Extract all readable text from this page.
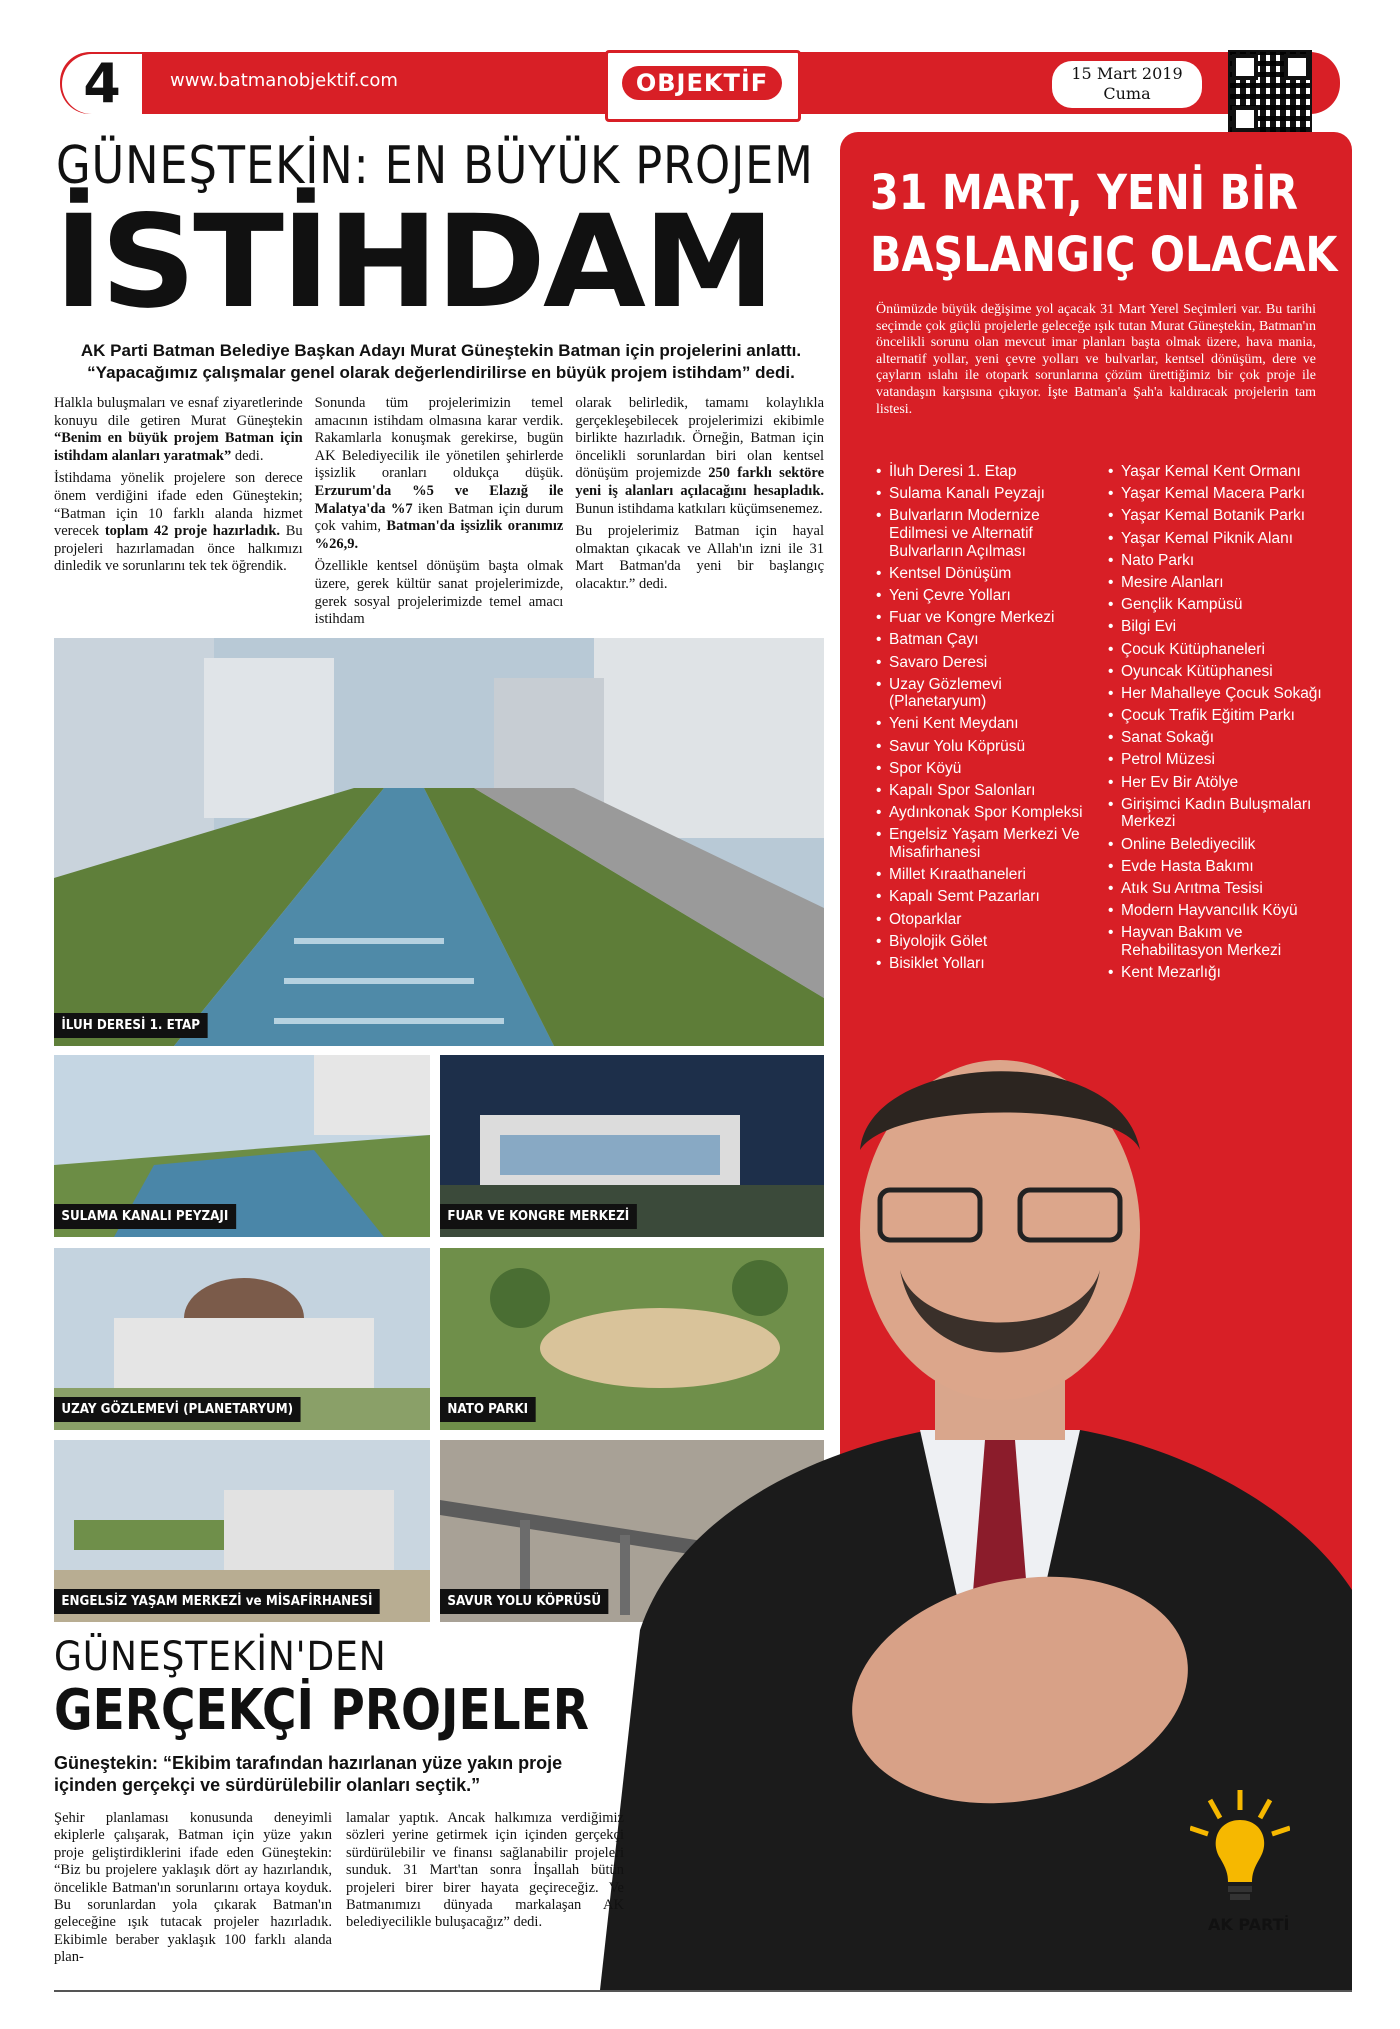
4	www.batmanobjektif.com	OBJEKTİF	15 Mart 2019
Cuma
GÜNEŞTEKİN: EN BÜYÜK PROJEM
İSTİHDAM
AK Parti Batman Belediye Başkan Adayı Murat Güneştekin Batman için projelerini anlattı. “Yapacağımız çalışmalar genel olarak değerlendirilirse en büyük projem istihdam” dedi.

Halkla buluşmaları ve esnaf ziyaretlerinde konuyu dile getiren Murat Güneştekin “Benim en büyük projem Batman için istihdam alanları yaratmak” dedi.

İstihdama yönelik projelere son derece önem verdiğini ifade eden Güneştekin; “Batman için 10 farklı alanda hizmet verecek toplam 42 proje hazırladık. Bu projeleri hazırlamadan önce halkımızı dinledik ve sorunlarını tek tek öğrendik.

Sonunda tüm projelerimizin temel amacının istihdam olmasına karar verdik. Rakamlarla konuşmak gerekirse, bugün AK Belediyecilik ile yönetilen şehirlerde işsizlik oranları oldukça düşük. Erzurum'da %5 ve Elazığ ile Malatya'da %7 iken Batman için durum çok vahim, Batman'da işsizlik oranımız %26,9.

Özellikle kentsel dönüşüm başta olmak üzere, gerek kültür sanat projelerimizde, gerek sosyal projelerimizde temel amacı istihdam

olarak belirledik, tamamı kolaylıkla gerçekleşebilecek projelerimizi ekibimle birlikte hazırladık. Örneğin, Batman için öncelikli sorunlardan biri olan kentsel dönüşüm projemizde 250 farklı sektöre yeni iş alanları açılacağını hesapladık. Bunun istihdama katkıları küçümsenemez.

Bu projelerimiz Batman için hayal olmaktan çıkacak ve Allah'ın izni ile 31 Mart Batman'da yeni bir başlangıç olacaktır.” dedi.

İLUH DERESİ 1. ETAP
SULAMA KANALI PEYZAJI	FUAR VE KONGRE MERKEZİ
UZAY GÖZLEMEVİ (PLANETARYUM)	NATO PARKI
ENGELSİZ YAŞAM MERKEZİ ve MİSAFİRHANESİ	SAVUR YOLU KÖPRÜSÜ
31 MART, YENİ BİR
BAŞLANGIÇ OLACAK
Önümüzde büyük değişime yol açacak 31 Mart Yerel Seçimleri var. Bu tarihi seçimde çok güçlü projelerle geleceğe ışık tutan Murat Güneştekin, Batman'ın öncelikli sorunu olan mevcut imar planları başta olmak üzere, hava mania, alternatif yollar, yeni çevre yolları ve bulvarlar, kentsel dönüşüm, dere ve çayların ıslahı ile otopark sorunlarına çözüm ürettiğimiz bir çok proje ile vatandaşın karşısına çıkıyor. İşte Batman'a Şah'a kaldıracak projelerin tam listesi.
• İluh Deresi 1. Etap
• Sulama Kanalı Peyzajı
• Bulvarların Modernize Edilmesi ve Alternatif Bulvarların Açılması
• Kentsel Dönüşüm
• Yeni Çevre Yolları
• Fuar ve Kongre Merkezi
• Batman Çayı
• Savaro Deresi
• Uzay Gözlemevi (Planetaryum)
• Yeni Kent Meydanı
• Savur Yolu Köprüsü
• Spor Köyü
• Kapalı Spor Salonları
• Aydınkonak Spor Kompleksi
• Engelsiz Yaşam Merkezi Ve Misafirhanesi
• Millet Kıraathaneleri
• Kapalı Semt Pazarları
• Otoparklar
• Biyolojik Gölet
• Bisiklet Yolları
• Yaşar Kemal Kent Ormanı
• Yaşar Kemal Macera Parkı
• Yaşar Kemal Botanik Parkı
• Yaşar Kemal Piknik Alanı
• Nato Parkı
• Mesire Alanları
• Gençlik Kampüsü
• Bilgi Evi
• Çocuk Kütüphaneleri
• Oyuncak Kütüphanesi
• Her Mahalleye Çocuk Sokağı
• Çocuk Trafik Eğitim Parkı
• Sanat Sokağı
• Petrol Müzesi
• Her Ev Bir Atölye
• Girişimci Kadın Buluşmaları Merkezi
• Online Belediyecilik
• Evde Hasta Bakımı
• Atık Su Arıtma Tesisi
• Modern Hayvancılık Köyü
• Hayvan Bakım ve Rehabilitasyon Merkezi
• Kent Mezarlığı
AK PARTİ
GÜNEŞTEKİN'DEN
GERÇEKÇİ PROJELER
Güneştekin: “Ekibim tarafından hazırlanan yüze yakın proje içinden gerçekçi ve sürdürülebilir olanları seçtik.”

Şehir planlaması konusunda deneyimli ekiplerle çalışarak, Batman için yüze yakın proje geliştirdiklerini ifade eden Güneştekin: “Biz bu projelere yaklaşık dört ay hazırlandık, öncelikle Batman'ın sorunlarını ortaya koyduk. Bu sorunlardan yola çıkarak Batman'ın geleceğine ışık tutacak projeler hazırladık. Ekibimle beraber yaklaşık 100 farklı alanda plan-

lamalar yaptık. Ancak halkımıza verdiğimiz sözleri yerine getirmek için içinden gerçekçi sürdürülebilir ve finansı sağlanabilir projeleri sunduk. 31 Mart'tan sonra İnşallah bütün projeleri birer birer hayata geçireceğiz. Ve Batmanımızı dünyada markalaşan AK belediyecilikle buluşacağız” dedi.
